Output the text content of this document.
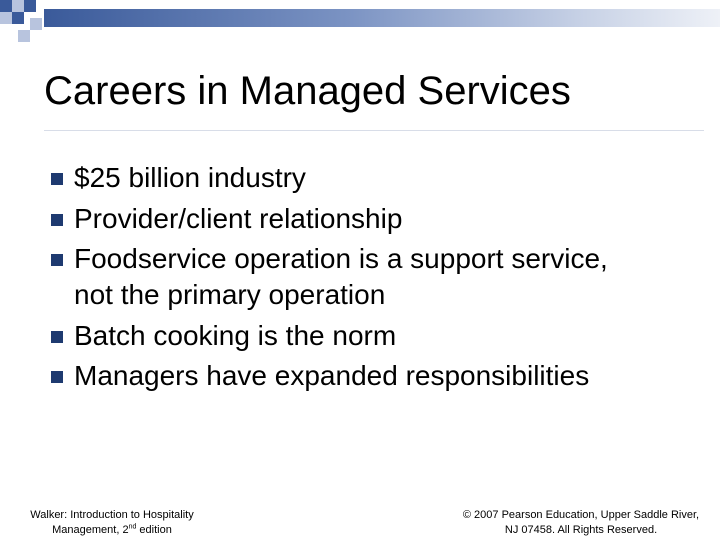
Careers in Managed Services
$25 billion industry
Provider/client relationship
Foodservice operation is a support service,
not the primary operation
Batch cooking is the norm
Managers have expanded responsibilities
Walker: Introduction to Hospitality
Management, 2nd edition
© 2007 Pearson Education, Upper Saddle River,
NJ 07458. All Rights Reserved.
